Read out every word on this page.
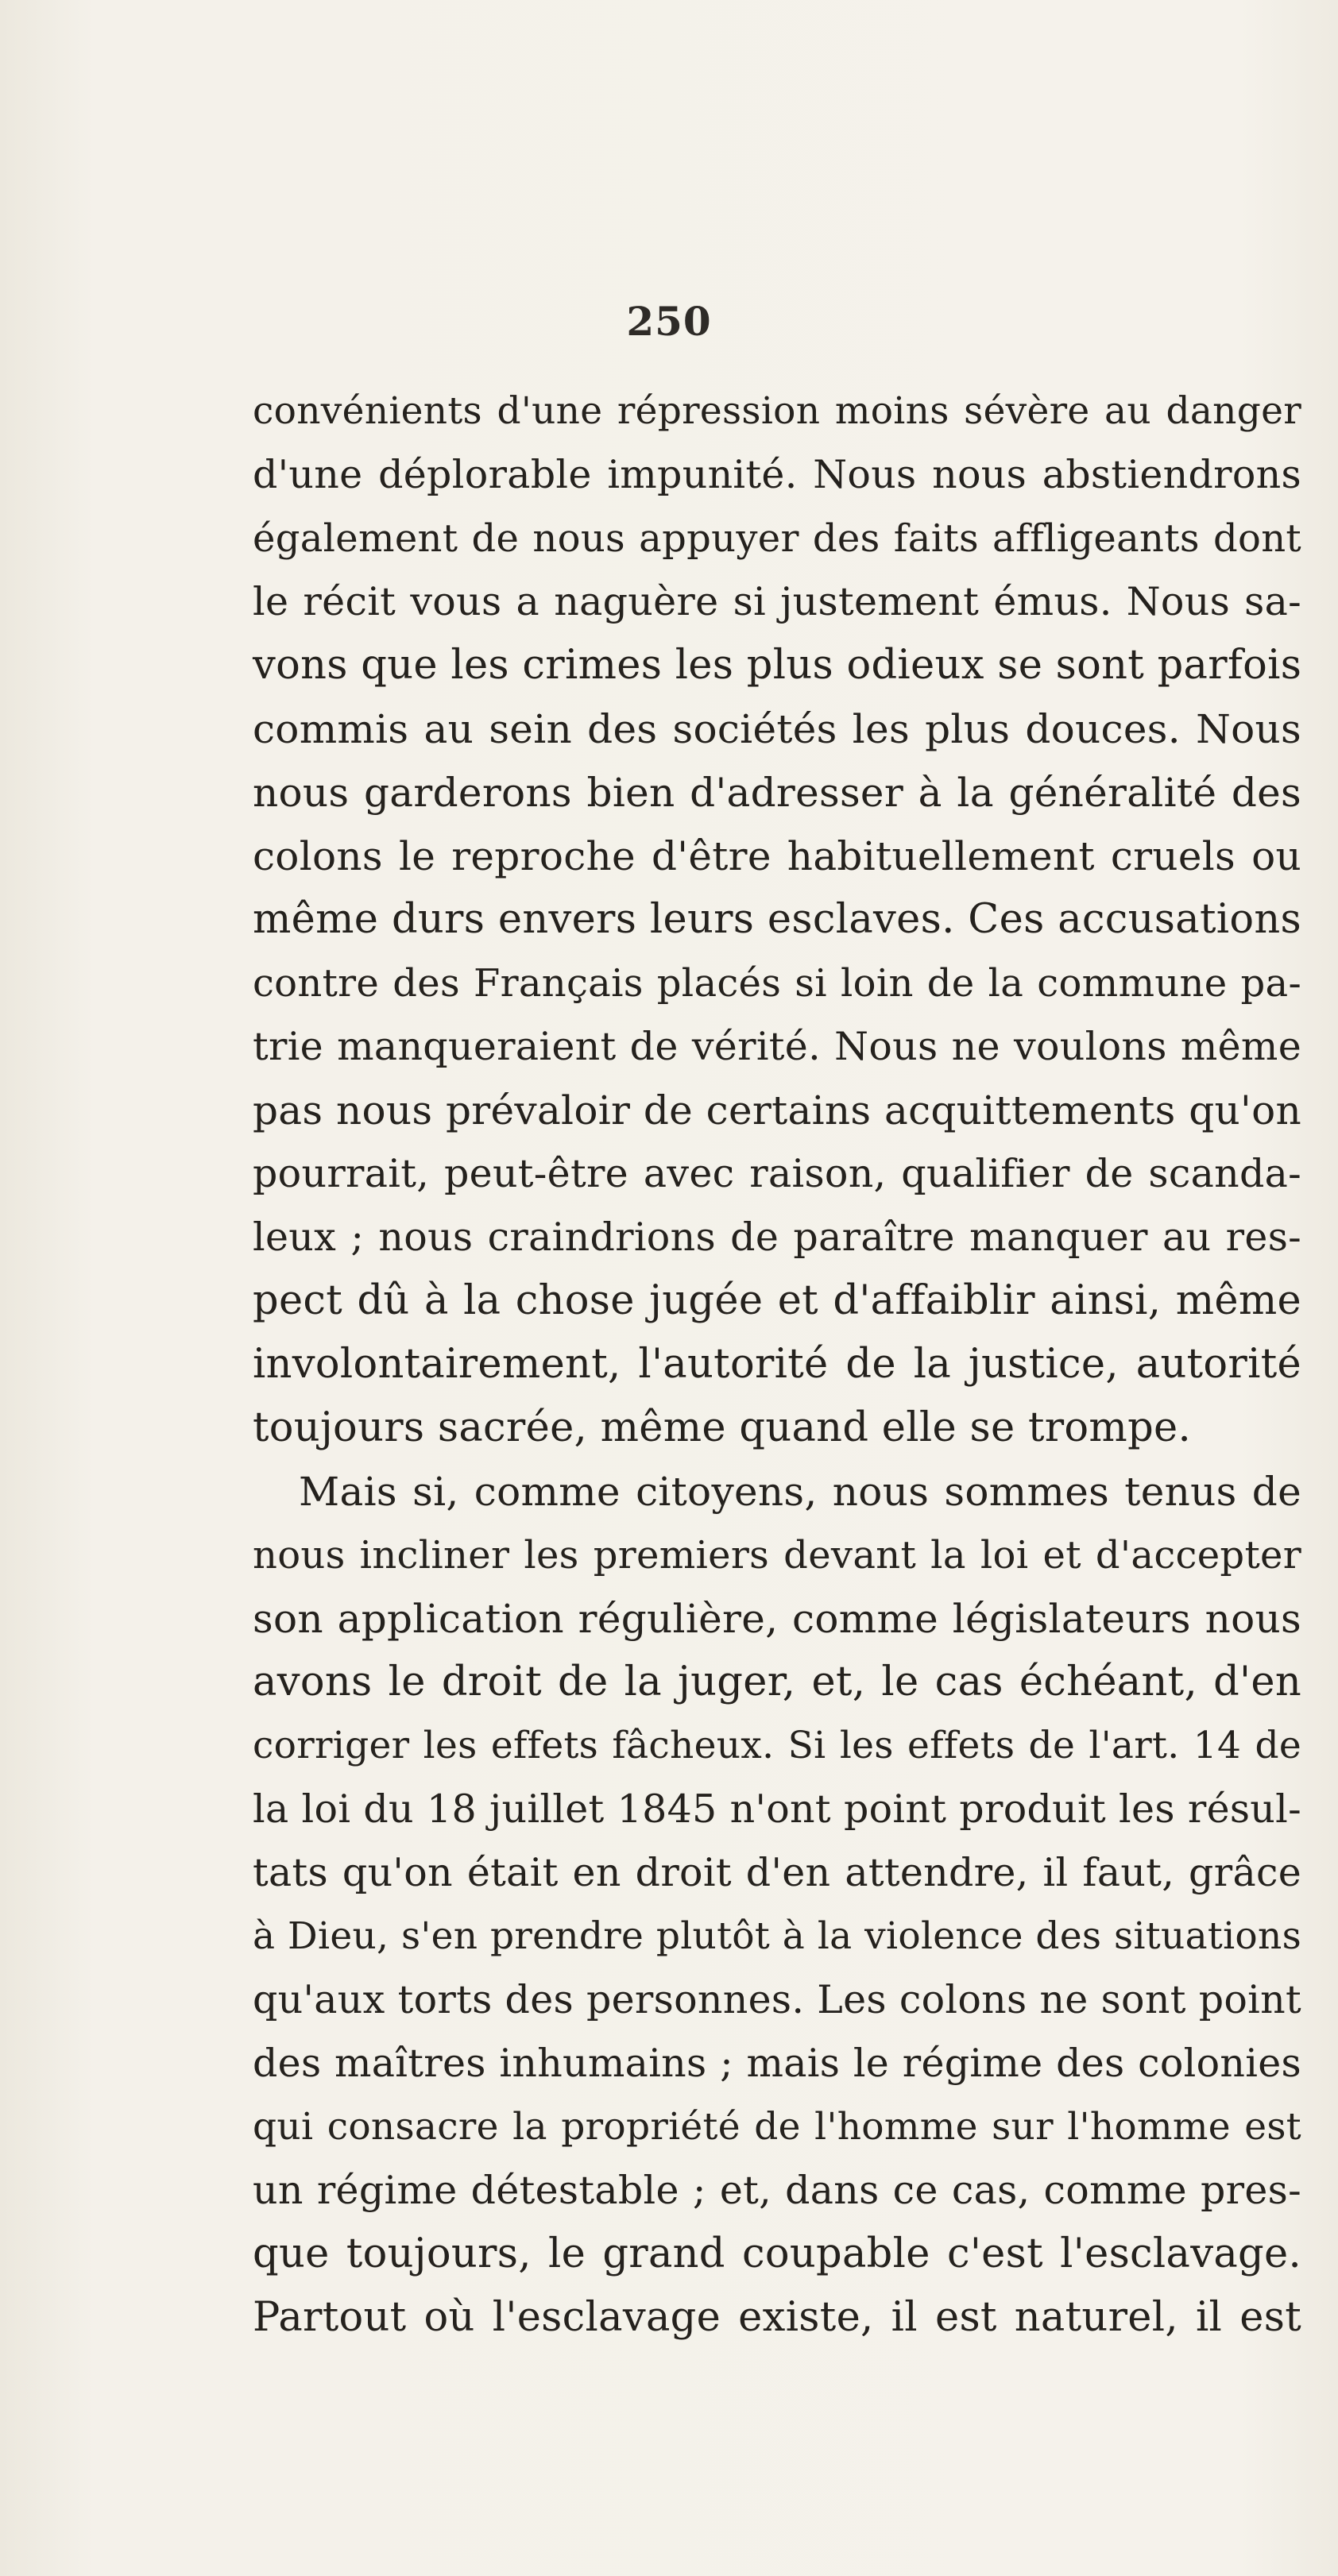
250
convénients d'une répression moins sévère au danger
d'une déplorable impunité. Nous nous abstiendrons
également de nous appuyer des faits affligeants dont
le récit vous a naguère si justement émus. Nous sa-
vons que les crimes les plus odieux se sont parfois
commis au sein des sociétés les plus douces. Nous
nous garderons bien d'adresser à la généralité des
colons le reproche d'être habituellement cruels ou
même durs envers leurs esclaves. Ces accusations
contre des Français placés si loin de la commune pa-
trie manqueraient de vérité. Nous ne voulons même
pas nous prévaloir de certains acquittements qu'on
pourrait, peut-être avec raison, qualifier de scanda-
leux ; nous craindrions de paraître manquer au res-
pect dû à la chose jugée et d'affaiblir ainsi, même
involontairement, l'autorité de la justice, autorité
toujours sacrée, même quand elle se trompe.
Mais si, comme citoyens, nous sommes tenus de
nous incliner les premiers devant la loi et d'accepter
son application régulière, comme législateurs nous
avons le droit de la juger, et, le cas échéant, d'en
corriger les effets fâcheux. Si les effets de l'art. 14 de
la loi du 18 juillet 1845 n'ont point produit les résul-
tats qu'on était en droit d'en attendre, il faut, grâce
à Dieu, s'en prendre plutôt à la violence des situations
qu'aux torts des personnes. Les colons ne sont point
des maîtres inhumains ; mais le régime des colonies
qui consacre la propriété de l'homme sur l'homme est
un régime détestable ; et, dans ce cas, comme pres-
que toujours, le grand coupable c'est l'esclavage.
Partout où l'esclavage existe, il est naturel, il est
